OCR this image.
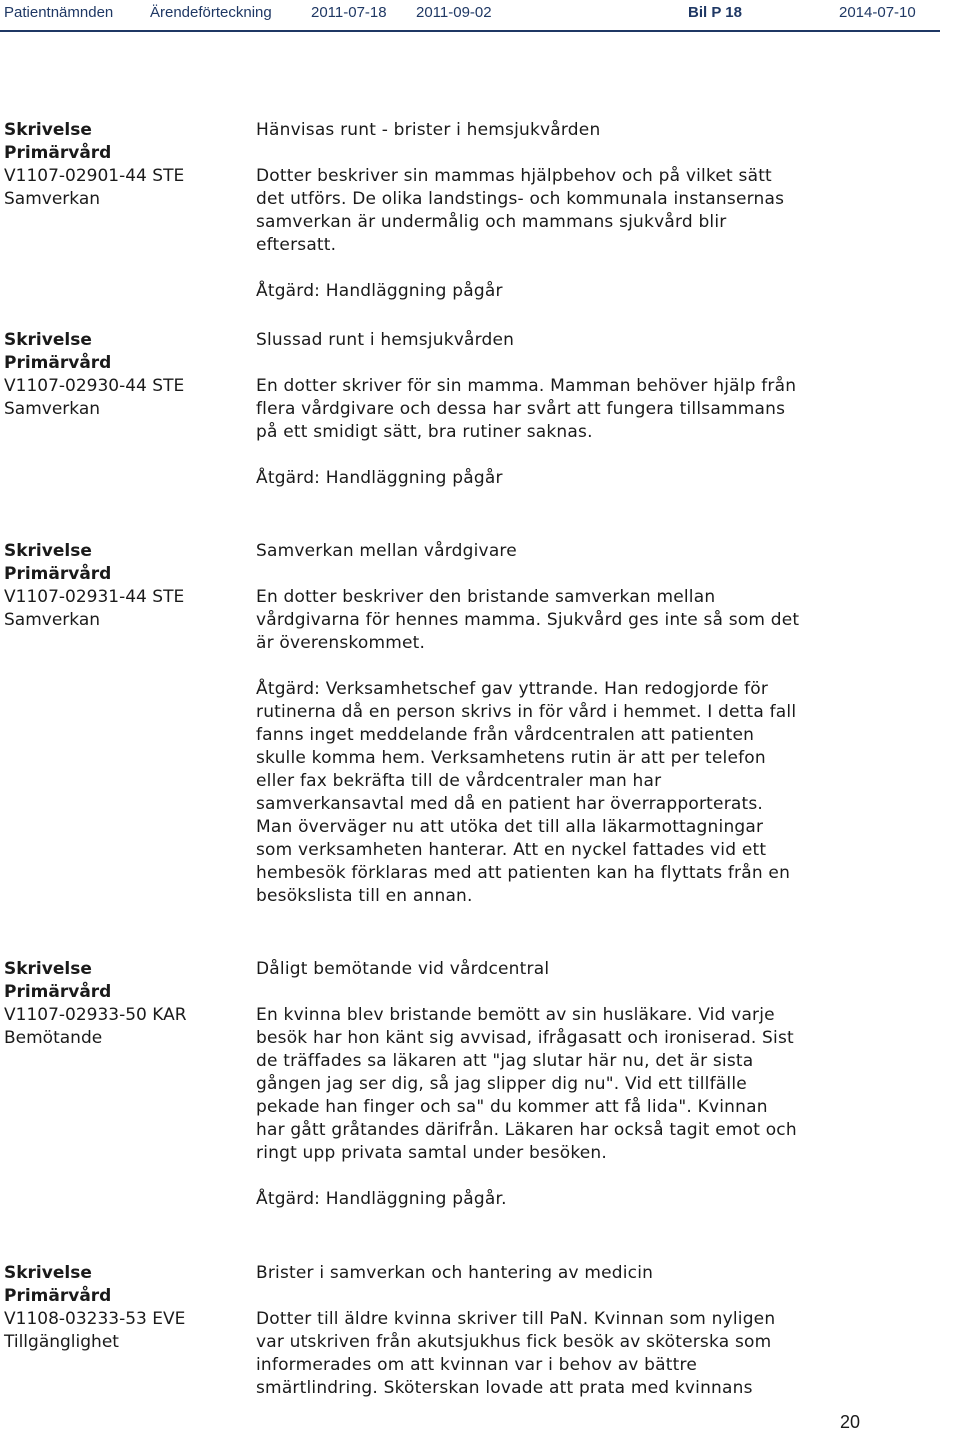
Patientnämnden Ärendeförteckning	2011-07-18 2011-09-02	Bil P 18	2014-07-10
Skrivelse
Primärvård
V1107-02901-44 STE
Samverkan

Hänvisas runt - brister i hemsjukvården

Dotter beskriver sin mammas hjälpbehov och på vilket sätt

det utförs. De olika landstings- och kommunala instansernas

samverkan är undermålig och mammans sjukvård blir

eftersatt.

Åtgärd: Handläggning pågår

Skrivelse
Primärvård
V1107-02930-44 STE
Samverkan

Slussad runt i hemsjukvården

En dotter skriver för sin mamma. Mamman behöver hjälp från

flera vårdgivare och dessa har svårt att fungera tillsammans

på ett smidigt sätt, bra rutiner saknas.

Åtgärd: Handläggning pågår

Skrivelse
Primärvård
V1107-02931-44 STE
Samverkan

Samverkan mellan vårdgivare

En dotter beskriver den bristande samverkan mellan

vårdgivarna för hennes mamma. Sjukvård ges inte så som det

är överenskommet.

Åtgärd: Verksamhetschef gav yttrande. Han redogjorde för

rutinerna då en person skrivs in för vård i hemmet. I detta fall

fanns inget meddelande från vårdcentralen att patienten

skulle komma hem. Verksamhetens rutin är att per telefon

eller fax bekräfta till de vårdcentraler man har

samverkansavtal med då en patient har överrapporterats.

Man överväger nu att utöka det till alla läkarmottagningar

som verksamheten hanterar. Att en nyckel fattades vid ett

hembesök förklaras med att patienten kan ha flyttats från en

besökslista till en annan.

Skrivelse
Primärvård
V1107-02933-50 KAR
Bemötande

Dåligt bemötande vid vårdcentral

En kvinna blev bristande bemött av sin husläkare. Vid varje

besök har hon känt sig avvisad, ifrågasatt och ironiserad. Sist

de träffades sa läkaren att "jag slutar här nu, det är sista

gången jag ser dig, så jag slipper dig nu". Vid ett tillfälle

pekade han finger och sa" du kommer att få lida". Kvinnan

har gått gråtandes därifrån. Läkaren har också tagit emot och

ringt upp privata samtal under besöken.

Åtgärd: Handläggning pågår.

Skrivelse
Primärvård
V1108-03233-53 EVE
Tillgänglighet

Brister i samverkan och hantering av medicin

Dotter till äldre kvinna skriver till PaN. Kvinnan som nyligen

var utskriven från akutsjukhus fick besök av sköterska som

informerades om att kvinnan var i behov av bättre

smärtlindring. Sköterskan lovade att prata med kvinnans

20
